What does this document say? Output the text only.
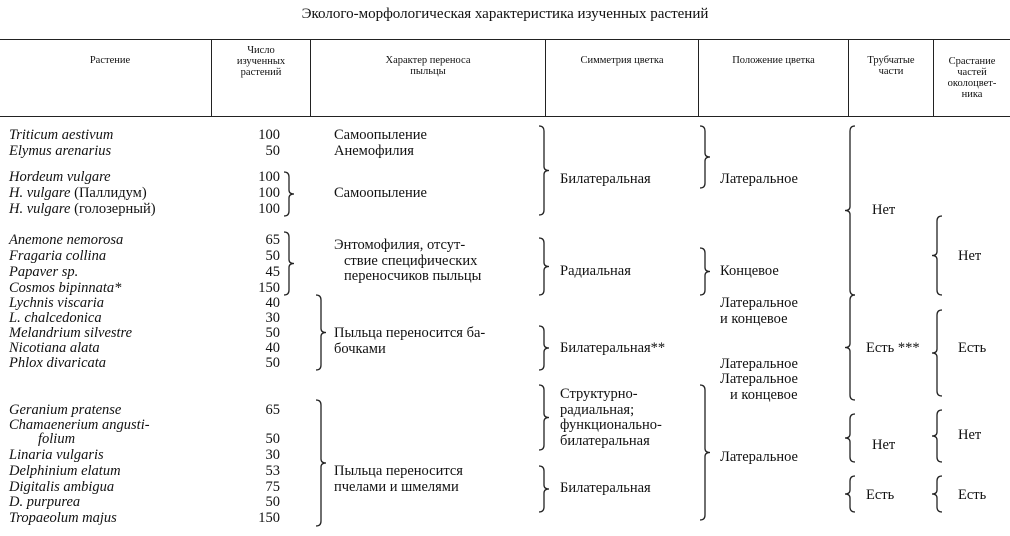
Эколого-морфологическая характеристика изученных растений
Растение
Число
изученных
растений
Характер переноса
пыльцы
Симметрия цветка	Положение цветка	Трубчатые
части
Срастание
частей
околоцвет-
ника
Triticum aestivum
Elymus arenarius
Hordeum vulgare
H. vulgare (Паллидум)
H. vulgare (голозерный)
Anemone nemorosa
Fragaria collina
Papaver sp.
Cosmos bipinnata*
Lychnis viscaria
L. chalcedonica
Melandrium silvestre
Nicotiana alata
Phlox divaricata
Geranium pratense
Chamaenerium angusti-
folium
Linaria vulgaris
Delphinium elatum
Digitalis ambigua
D. purpurea
Tropaeolum majus
100
50
100
100
100
65
50
45
150
40
30
50
40
50
65
50
30
53
75
50
150
Самоопыление
Анемофилия
Самоопыление
Энтомофилия, отсут-
ствие специфических
переносчиков пыльцы
Пыльца переносится ба-
бочками
Пыльца переносится
пчелами и шмелями
Билатеральная
Радиальная
Билатеральная**
Структурно-
радиальная;
функционально-
билатеральная
Билатеральная
Латеральное
Концевое
Латеральное
и концевое
Латеральное
Латеральное
и концевое
Латеральное
Нет
Есть ***
Нет
Есть
Нет
Есть
Нет
Есть
